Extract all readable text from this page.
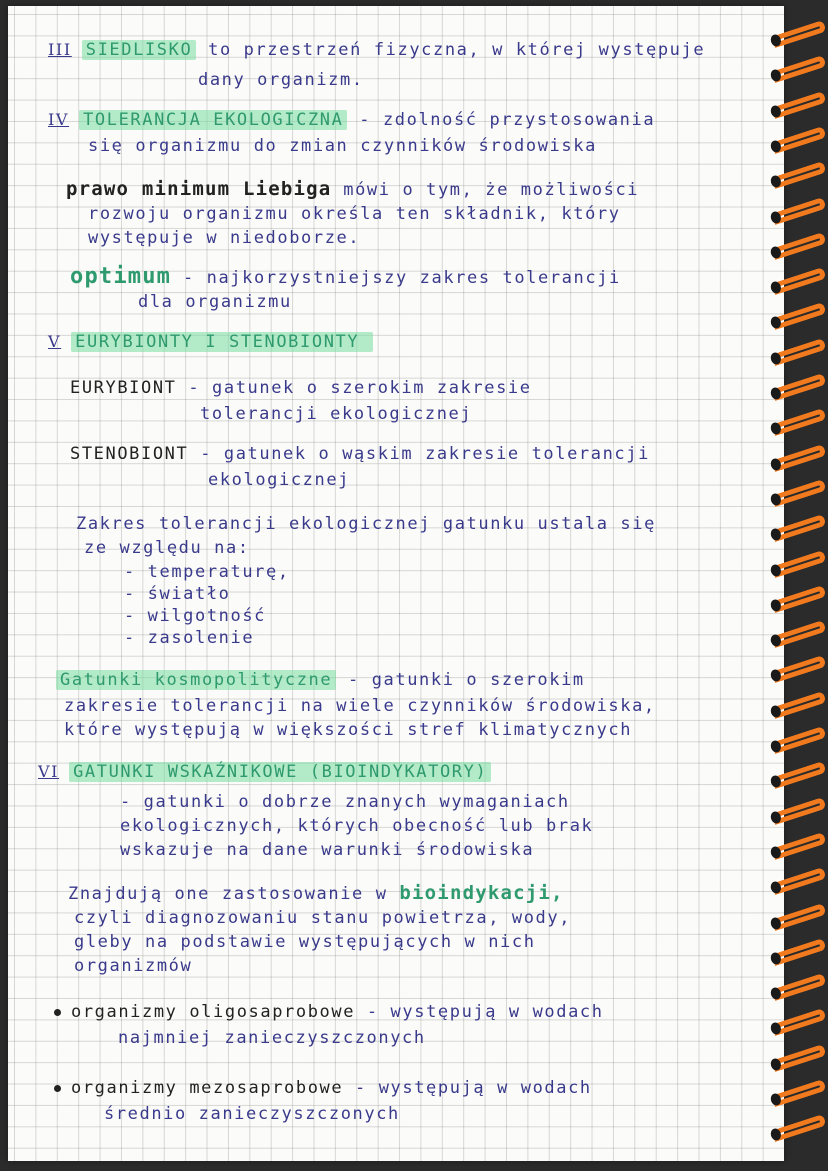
III SIEDLISKO to przestrzeń fizyczna, w której występuje
dany organizm.
IV TOLERANCJA EKOLOGICZNA - zdolność przystosowania
się organizmu do zmian czynników środowiska
prawo minimum Liebiga mówi o tym, że możliwości
rozwoju organizmu określa ten składnik, który
występuje w niedoborze.
optimum - najkorzystniejszy zakres tolerancji
dla organizmu
V EURYBIONTY I STENOBIONTY
EURYBIONT - gatunek o szerokim zakresie
tolerancji ekologicznej
STENOBIONT - gatunek o wąskim zakresie tolerancji
ekologicznej
Zakres tolerancji ekologicznej gatunku ustala się
ze względu na:
- temperaturę,
- światło
- wilgotność
- zasolenie
Gatunki kosmopolityczne - gatunki o szerokim
zakresie tolerancji na wiele czynników środowiska,
które występują w większości stref klimatycznych
VI GATUNKI WSKAŹNIKOWE (BIOINDYKATORY)
- gatunki o dobrze znanych wymaganiach
ekologicznych, których obecność lub brak
wskazuje na dane warunki środowiska
Znajdują one zastosowanie w bioindykacji,
czyli diagnozowaniu stanu powietrza, wody,
gleby na podstawie występujących w nich
organizmów
organizmy oligosaprobowe - występują w wodach
najmniej zanieczyszczonych
organizmy mezosaprobowe - występują w wodach
średnio zanieczyszczonych
